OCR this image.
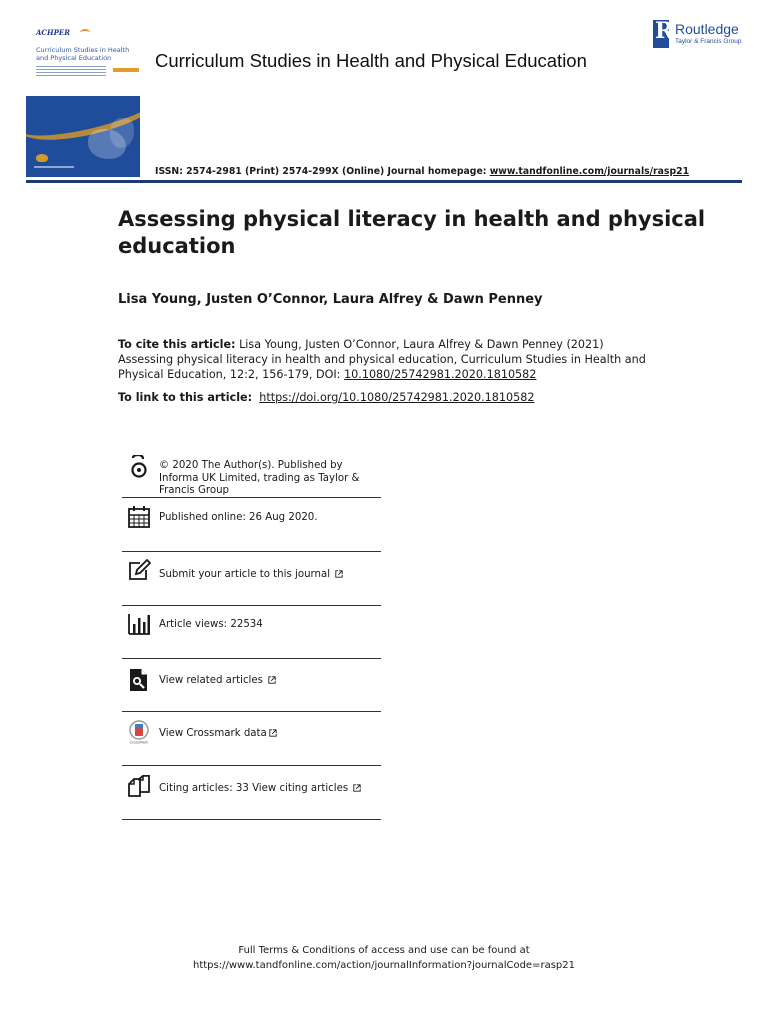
ACHPER
Curriculum Studies in Health and Physical Education	Curriculum Studies in Health and Physical Education
R Routledge
Taylor & Francis Group
ISSN: 2574-2981 (Print) 2574-299X (Online) Journal homepage: www.tandfonline.com/journals/rasp21
Assessing physical literacy in health and physical education
Lisa Young, Justen O’Connor, Laura Alfrey & Dawn Penney
To cite this article: Lisa Young, Justen O’Connor, Laura Alfrey & Dawn Penney (2021) Assessing physical literacy in health and physical education, Curriculum Studies in Health and Physical Education, 12:2, 156-179, DOI: 10.1080/25742981.2020.1810582
To link to this article: https://doi.org/10.1080/25742981.2020.1810582
© 2020 The Author(s). Published by Informa UK Limited, trading as Taylor & Francis Group
Published online: 26 Aug 2020.
Submit your article to this journal
Article views: 22534
View related articles
CrossMark
View Crossmark data
Citing articles: 33 View citing articles
Full Terms & Conditions of access and use can be found at
https://www.tandfonline.com/action/journalInformation?journalCode=rasp21
